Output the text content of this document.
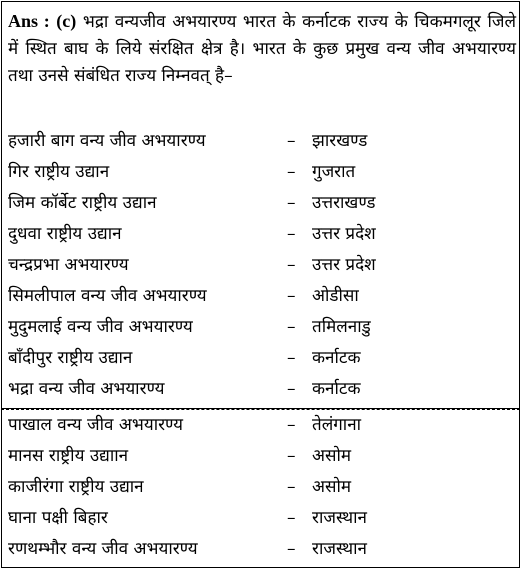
Ans : (c) भद्रा वन्यजीव अभयारण्य भारत के कर्नाटक राज्य के चिकमगलूर जिले में स्थित बाघ के लिये संरक्षित क्षेत्र है। भारत के कुछ प्रमुख वन्य जीव अभयारण्य तथा उनसे संबंधित राज्य निम्नवत् है–
हजारी बाग वन्य जीव अभयारण्य	– झारखण्ड
गिर राष्ट्रीय उद्यान	– गुजरात
जिम कॉर्बेट राष्ट्रीय उद्यान	– उत्तराखण्ड
दुधवा राष्ट्रीय उद्यान	– उत्तर प्रदेश
चन्द्रप्रभा अभयारण्य	– उत्तर प्रदेश
सिमलीपाल वन्य जीव अभयारण्य	– ओडीसा
मुदुमलाई वन्य जीव अभयारण्य	– तमिलनाडु
बाँदीपुर राष्ट्रीय उद्यान	– कर्नाटक
भद्रा वन्य जीव अभयारण्य	– कर्नाटक
पाखाल वन्य जीव अभयारण्य	– तेलंगाना
मानस राष्ट्रीय उद्याान	– असोम
काजीरंगा राष्ट्रीय उद्यान	– असोम
घाना पक्षी बिहार	– राजस्थान
रणथम्भौर वन्य जीव अभयारण्य	– राजस्थान
